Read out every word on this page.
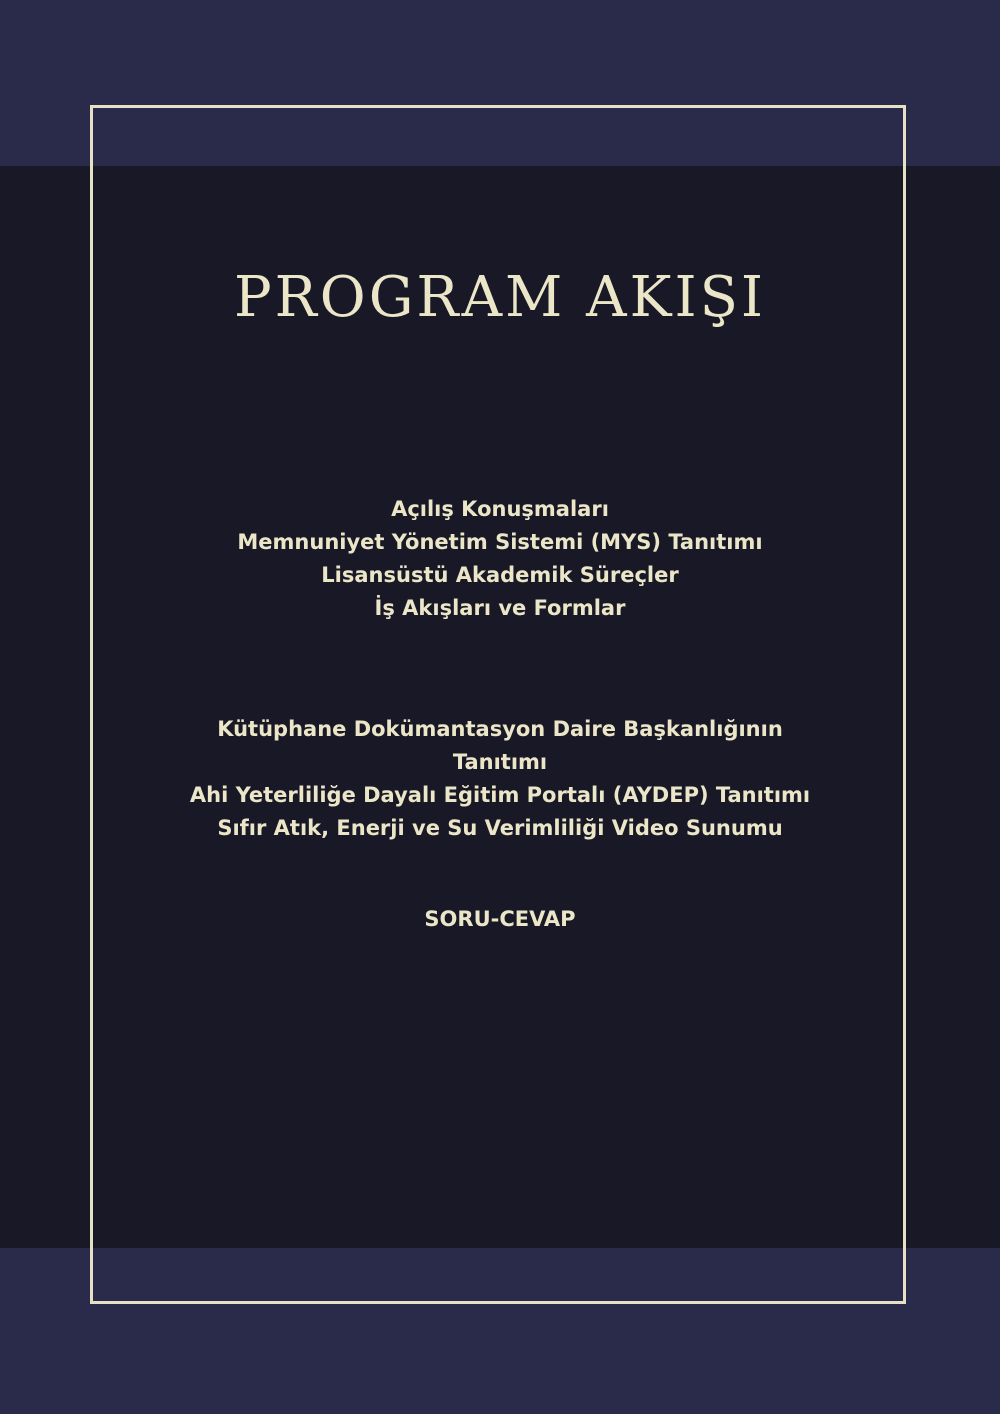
PROGRAM AKIŞI
Açılış Konuşmaları
Memnuniyet Yönetim Sistemi (MYS) Tanıtımı
Lisansüstü Akademik Süreçler
İş Akışları ve Formlar
Kütüphane Dokümantasyon Daire Başkanlığının
Tanıtımı
Ahi Yeterliliğe Dayalı Eğitim Portalı (AYDEP) Tanıtımı
Sıfır Atık, Enerji ve Su Verimliliği Video Sunumu
SORU-CEVAP
